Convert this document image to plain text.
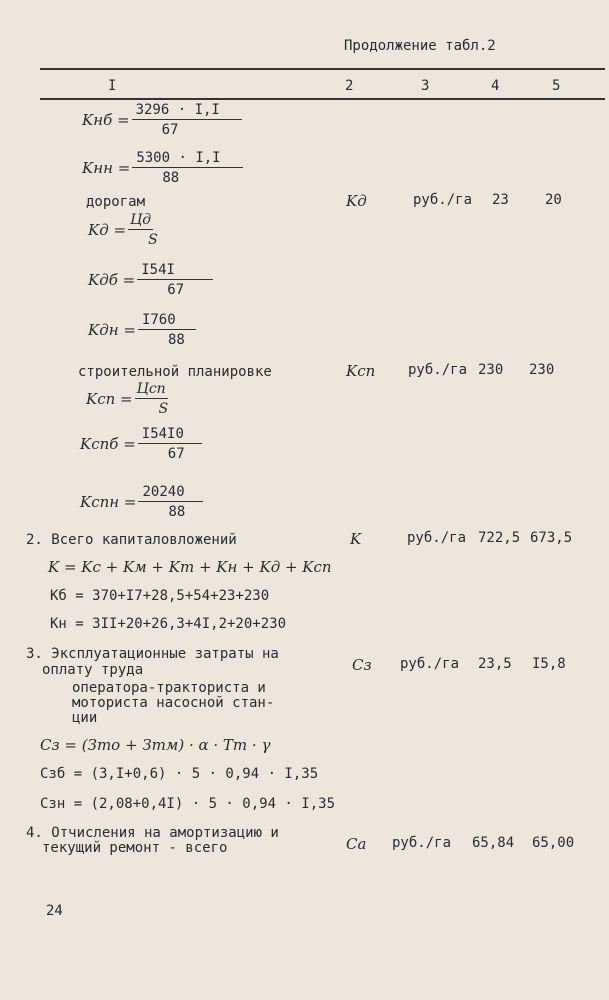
Продолжение табл.2
I	2	3	4	5
Kнб = $\frac{3296 \cdot I,I}{67}$
Kнн = $\frac{5300 \cdot I,I}{88}$
дорогам	Kд	руб./га 23	20
Kд = $\frac{Цд}{S}$
Kдб = $\frac{I54I}{67}$
Kдн = $\frac{I760}{88}$
строительной планировке	Kсп руб./га 230 230
Kсп = $\frac{\text{Цсп}}{S}$
Kспб = $\frac{I54I0}{67}$
Kспн = $\frac{20240}{88}$
2. Всего капиталовложений	K	руб./га 722,5 673,5
K = Kс + Kм + Kт + Kн + Kд + Kсп
Kб = 370+I7+28,5+54+23+230
Kн = 3II+20+26,3+4I,2+20+230
3. Эксплуатационные затраты на
оплату труда
оператора-тракториста и
моториста насосной стан-
ции
Cз руб./га 23,5 I5,8
Cз = (Зто + Зтм) · α · Tт · γ
Cзб = (3,I+0,6) · 5 · 0,94 · I,35
Cзн = (2,08+0,4I) · 5 · 0,94 · I,35
4. Отчисления на амортизацию и
текущий ремонт - всего	Ca руб./га 65,84 65,00
24
